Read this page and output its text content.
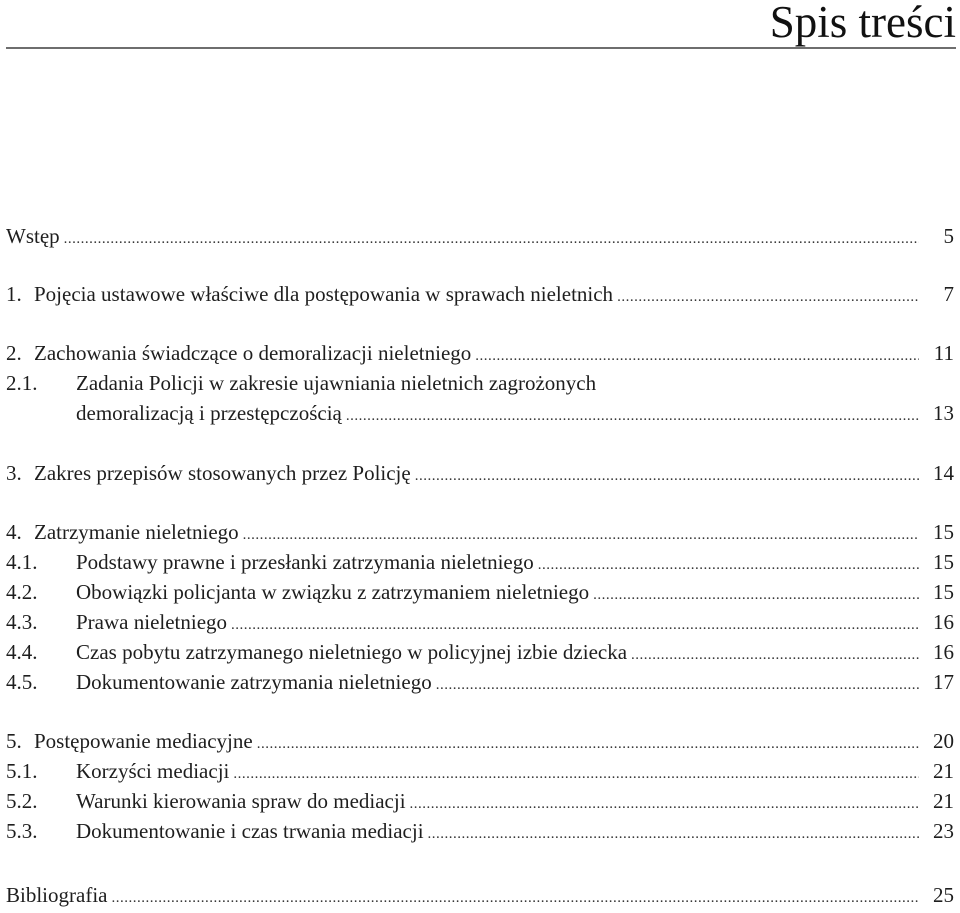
Spis treści
Wstęp .....	5
1. Pojęcia ustawowe właściwe dla postępowania w sprawach nieletnich .....	7
2. Zachowania świadczące o demoralizacji nieletniego .....	11
2.1. Zadania Policji w zakresie ujawniania nieletnich zagrożonych
demoralizacją i przestępczością .....	13
3. Zakres przepisów stosowanych przez Policję .....	14
4. Zatrzymanie nieletniego .....	15
4.1. Podstawy prawne i przesłanki zatrzymania nieletniego .....	15
4.2. Obowiązki policjanta w związku z zatrzymaniem nieletniego .....	15
4.3. Prawa nieletniego .....	16
4.4. Czas pobytu zatrzymanego nieletniego w policyjnej izbie dziecka .....	16
4.5. Dokumentowanie zatrzymania nieletniego .....	17
5. Postępowanie mediacyjne .....	20
5.1. Korzyści mediacji .....	21
5.2. Warunki kierowania spraw do mediacji .....	21
5.3. Dokumentowanie i czas trwania mediacji .....	23
Bibliografia .....	25
